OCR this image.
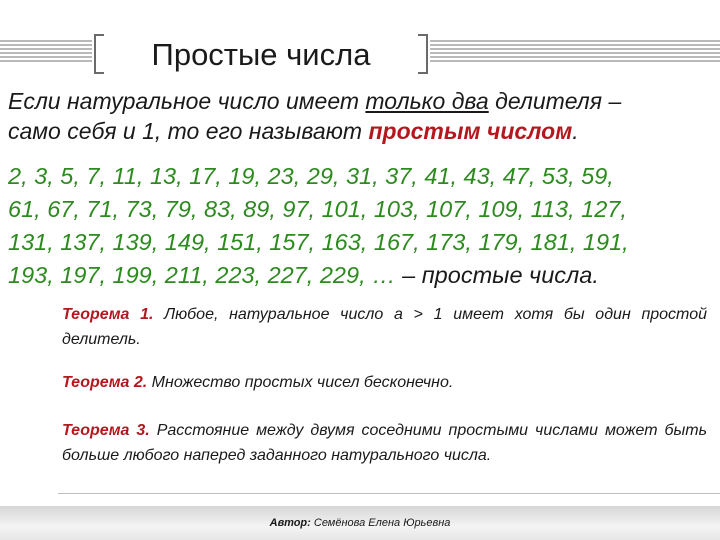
Простые числа
Если натуральное число имеет только два делителя –
само себя и 1, то его называют простым числом.
2, 3, 5, 7, 11, 13, 17, 19, 23, 29, 31, 37, 41, 43, 47, 53, 59,
61, 67, 71, 73, 79, 83, 89, 97, 101, 103, 107, 109, 113, 127,
131, 137, 139, 149, 151, 157, 163, 167, 173, 179, 181, 191,
193, 197, 199, 211, 223, 227, 229, … – простые числа.
Теорема 1. Любое, натуральное число a > 1 имеет хотя бы один простой делитель.
Теорема 2. Множество простых чисел бесконечно.
Теорема 3. Расстояние между двумя соседними простыми числами может быть больше любого наперед заданного натурального числа.
Автор: Семёнова Елена Юрьевна
